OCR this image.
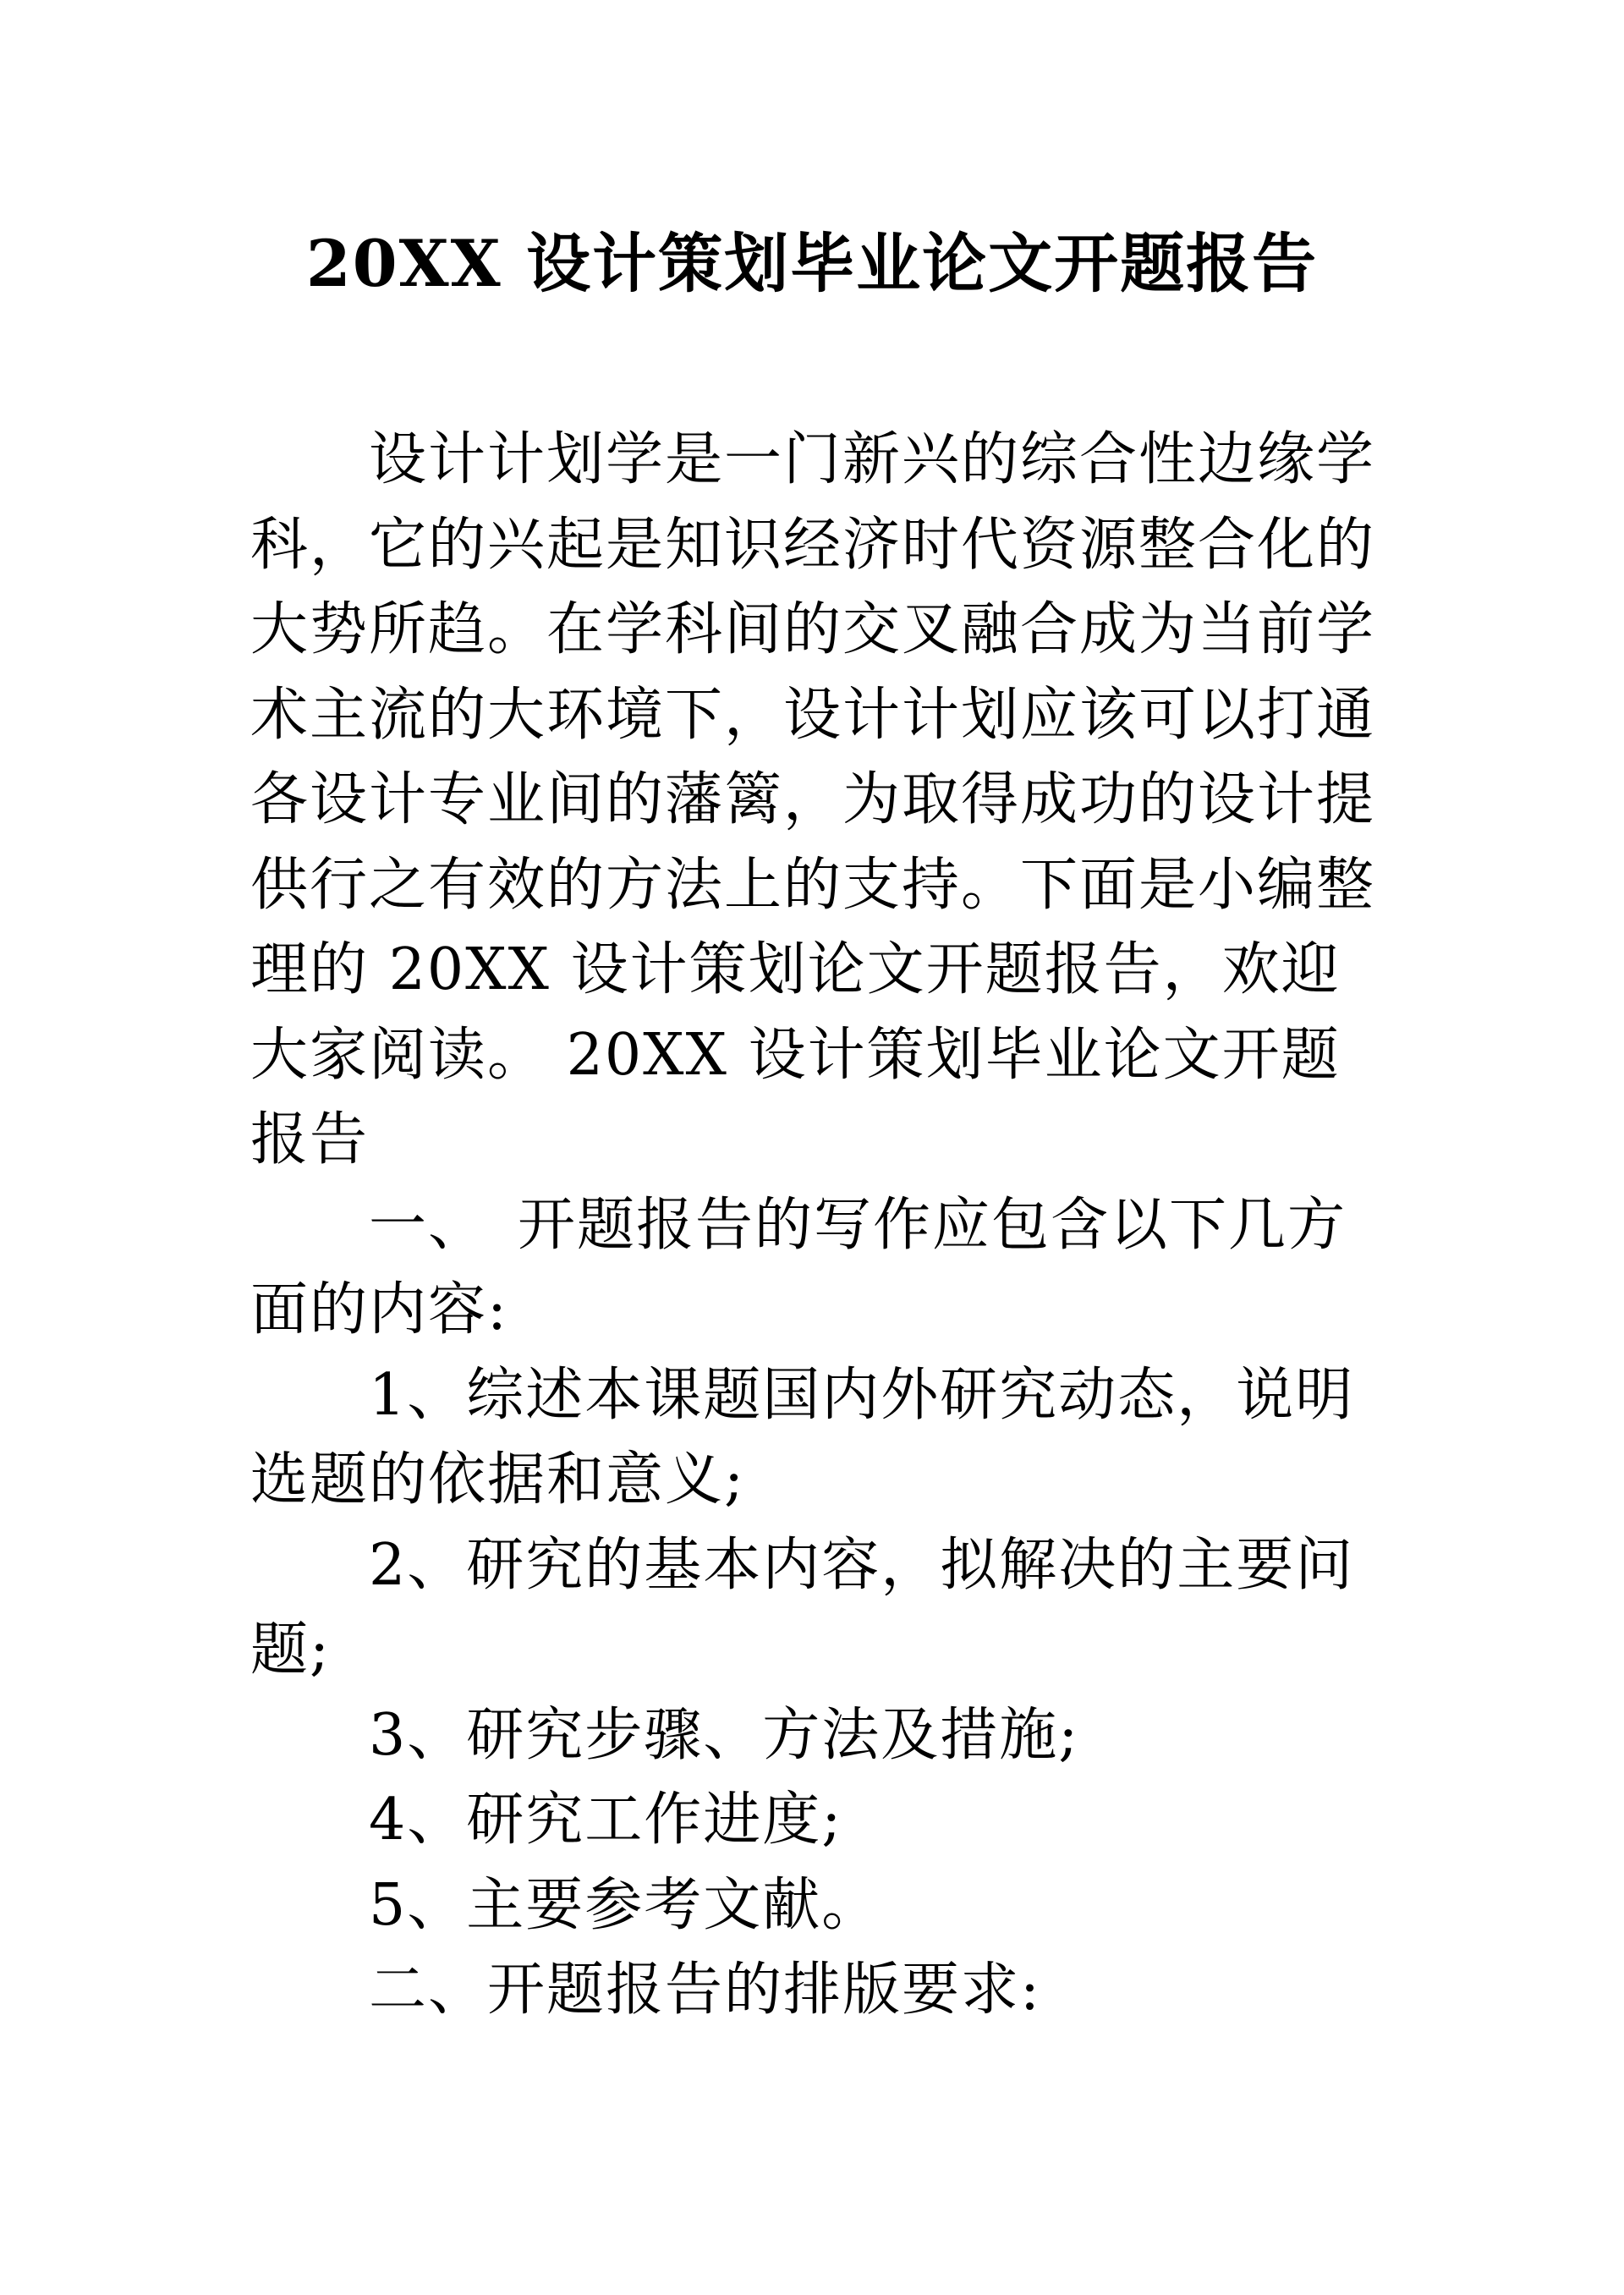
20XX 设计策划毕业论文开题报告

设计计划学是一门新兴的综合性边缘学科，它的兴起是知识经济时代资源整合化的大势所趋。在学科间的交叉融合成为当前学术主流的大环境下，设计计划应该可以打通各设计专业间的藩篱，为取得成功的设计提供行之有效的方法上的支持。下面是小编整理的 20XX 设计策划论文开题报告，欢迎大家阅读。 20XX 设计策划毕业论文开题报告

一、　开题报告的写作应包含以下几方面的内容:

1、综述本课题国内外研究动态，说明选题的依据和意义;

2、研究的基本内容，拟解决的主要问题;

3、研究步骤、方法及措施;

4、研究工作进度;

5、主要参考文献。

二、开题报告的排版要求:
